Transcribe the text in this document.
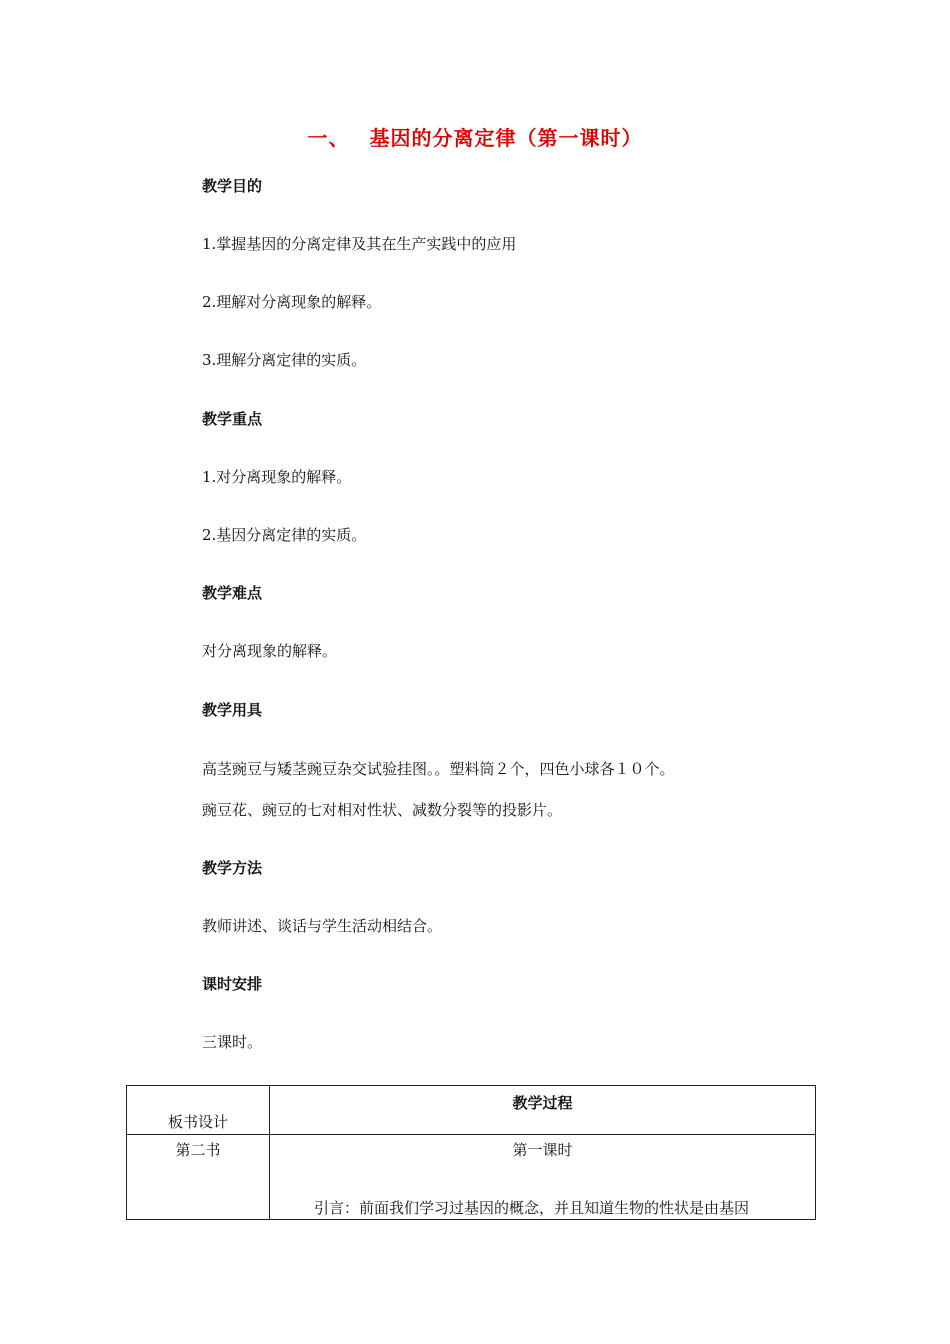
一、 基因的分离定律（第一课时）
教学目的
1.掌握基因的分离定律及其在生产实践中的应用
2.理解对分离现象的解释。
3.理解分离定律的实质。
教学重点
1.对分离现象的解释。
2.基因分离定律的实质。
教学难点
对分离现象的解释。
教学用具
高茎豌豆与矮茎豌豆杂交试验挂图。。塑料筒２个，四色小球各１０个。
豌豆花、豌豆的七对相对性状、减数分裂等的投影片。
教学方法
教师讲述、谈话与学生活动相结合。
课时安排
三课时。
板书设计	教学过程

第二书	第一课时
引言：前面我们学习过基因的概念，并且知道生物的性状是由基因
